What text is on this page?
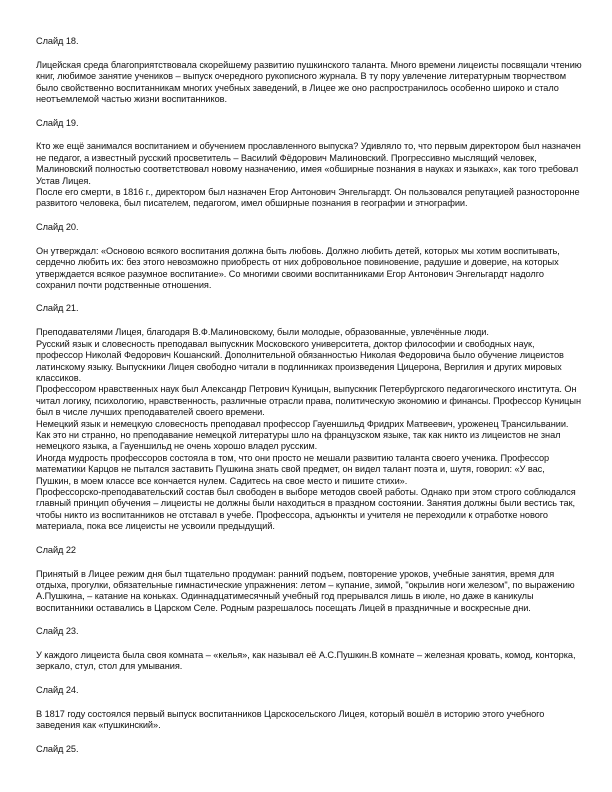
Слайд 18.
Лицейская среда благоприятствовала скорейшему развитию пушкинского таланта. Много времени лицеисты посвящали чтению книг, любимое занятие учеников – выпуск очередного рукописного журнала. В ту пору увлечение литературным творчеством было свойственно воспитанникам многих учебных заведений, в Лицее же оно распространилось особенно широко и стало неотъемлемой частью жизни воспитанников.
Слайд 19.
Кто же ещё занимался воспитанием и обучением прославленного выпуска? Удивляло то, что первым директором был назначен не педагог, а известный русский просветитель – Василий Фёдорович Малиновский. Прогрессивно мыслящий человек, Малиновский полностью соответствовал новому назначению, имея «обширные познания в науках и языках», как того требовал Устав Лицея.
После его смерти, в 1816 г., директором был назначен Егор Антонович Энгельгардт. Он пользовался репутацией разносторонне развитого человека, был писателем, педагогом, имел обширные познания в географии и этнографии.
Слайд 20.
Он утверждал: «Основою всякого воспитания должна быть любовь. Должно любить детей, которых мы хотим воспитывать, сердечно любить их: без этого невозможно приобресть от них добровольное повиновение, радушие и доверие, на которых утверждается всякое разумное воспитание». Со многими своими воспитанниками Егор Антонович Энгельгардт надолго сохранил почти родственные отношения.
Слайд 21.
Преподавателями Лицея, благодаря В.Ф.Малиновскому, были молодые, образованные, увлечённые люди.
Русский язык и словесность преподавал выпускник Московского университета, доктор философии и свободных наук, профессор Николай Федорович Кошанский. Дополнительной обязанностью Николая Федоровича было обучение лицеистов латинскому языку. Выпускники Лицея свободно читали в подлинниках произведения Цицерона, Вергилия и других мировых классиков.
Профессором нравственных наук был Александр Петрович Куницын, выпускник Петербургского педагогического института. Он читал логику, психологию, нравственность, различные отрасли права, политическую экономию и финансы. Профессор Куницын был в числе лучших преподавателей своего времени.
Немецкий язык и немецкую словесность преподавал профессор Гауеншильд Фридрих Матвеевич, уроженец Трансильвании. Как это ни странно, но преподавание немецкой литературы шло на французском языке, так как никто из лицеистов не знал немецкого языка, а Гауеншильд не очень хорошо владел русским.
Иногда мудрость профессоров состояла в том, что они просто не мешали развитию таланта своего ученика. Профессор математики Карцов не пытался заставить Пушкина знать свой предмет, он видел талант поэта и, шутя, говорил: «У вас, Пушкин, в моем классе все кончается нулем. Садитесь на свое место и пишите стихи».
Профессорско-преподавательский состав был свободен в выборе методов своей работы. Однако при этом строго соблюдался главный принцип обучения – лицеисты не должны были находиться в праздном состоянии. Занятия должны были вестись так, чтобы никто из воспитанников не отставал в учебе. Профессора, адъюнкты и учителя не переходили к отработке нового материала, пока все лицеисты не усвоили предыдущий.
Слайд 22
Принятый в Лицее режим дня был тщательно продуман: ранний подъем, повторение уроков, учебные занятия, время для отдыха, прогулки, обязательные гимнастические упражнения: летом – купание, зимой, "окрылив ноги железом", по выражению А.Пушкина, – катание на коньках. Одиннадцатимесячный учебный год прерывался лишь в июле, но даже в каникулы воспитанники оставались в Царском Селе. Родным разрешалось посещать Лицей в праздничные и воскресные дни.
Слайд 23.
У каждого лицеиста была своя комната – «келья», как называл её А.С.Пушкин.В комнате – железная кровать, комод, конторка, зеркало, стул, стол для умывания.
Слайд 24.
В 1817 году состоялся первый выпуск воспитанников Царскосельского Лицея, который вошёл в историю этого учебного заведения как «пушкинский».
Слайд 25.
